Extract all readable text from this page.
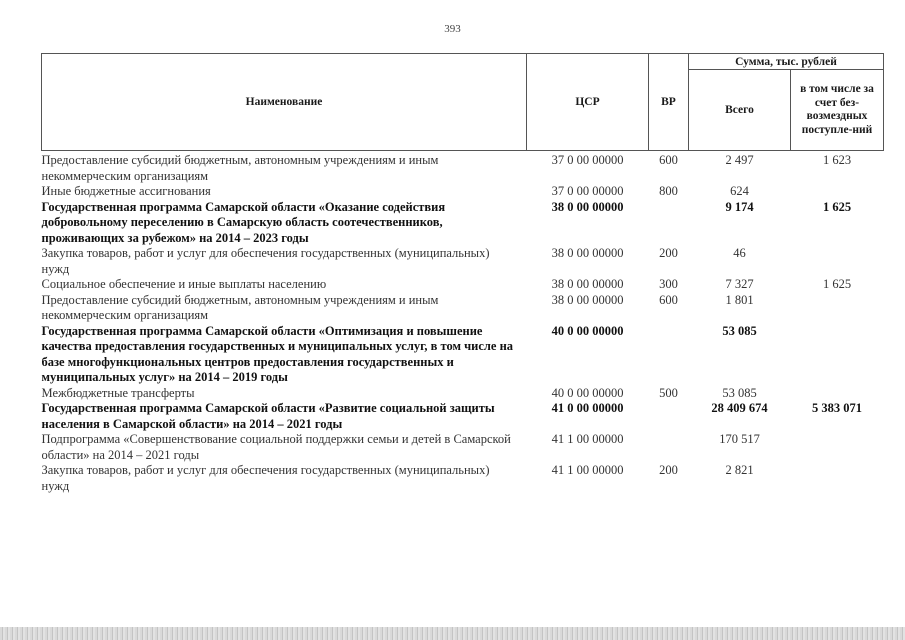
393
Наименование	ЦСР	ВР	Сумма, тыс. рублей	
			Всего	в том числе за счет без-возмездных поступле-ний
Предоставление субсидий бюджетным, автономным учреждениям и иным некоммерческим организациям	37 0 00 00000	600	2 497	1 623
Иные бюджетные ассигнования	37 0 00 00000	800	624	
Государственная программа Самарской области «Оказание содействия добровольному переселению в Самарскую область соотечественников, проживающих за рубежом» на 2014 – 2023 годы	38 0 00 00000		9 174	1 625
Закупка товаров, работ и услуг для обеспечения государственных (муниципальных) нужд	38 0 00 00000	200	46	
Социальное обеспечение и иные выплаты населению	38 0 00 00000	300	7 327	1 625
Предоставление субсидий бюджетным, автономным учреждениям и иным некоммерческим организациям	38 0 00 00000	600	1 801	
Государственная программа Самарской области «Оптимизация и повышение качества предоставления государственных и муниципальных услуг, в том числе на базе многофункциональных центров предоставления государственных и муниципальных услуг» на 2014 – 2019 годы	40 0 00 00000		53 085	
Межбюджетные трансферты	40 0 00 00000	500	53 085	
Государственная программа Самарской области «Развитие социальной защиты населения в Самарской области» на 2014 – 2021 годы	41 0 00 00000		28 409 674	5 383 071
Подпрограмма «Совершенствование социальной поддержки семьи и детей в Самарской области» на 2014 – 2021 годы	41 1 00 00000		170 517	
Закупка товаров, работ и услуг для обеспечения государственных (муниципальных) нужд	41 1 00 00000	200	2 821	
